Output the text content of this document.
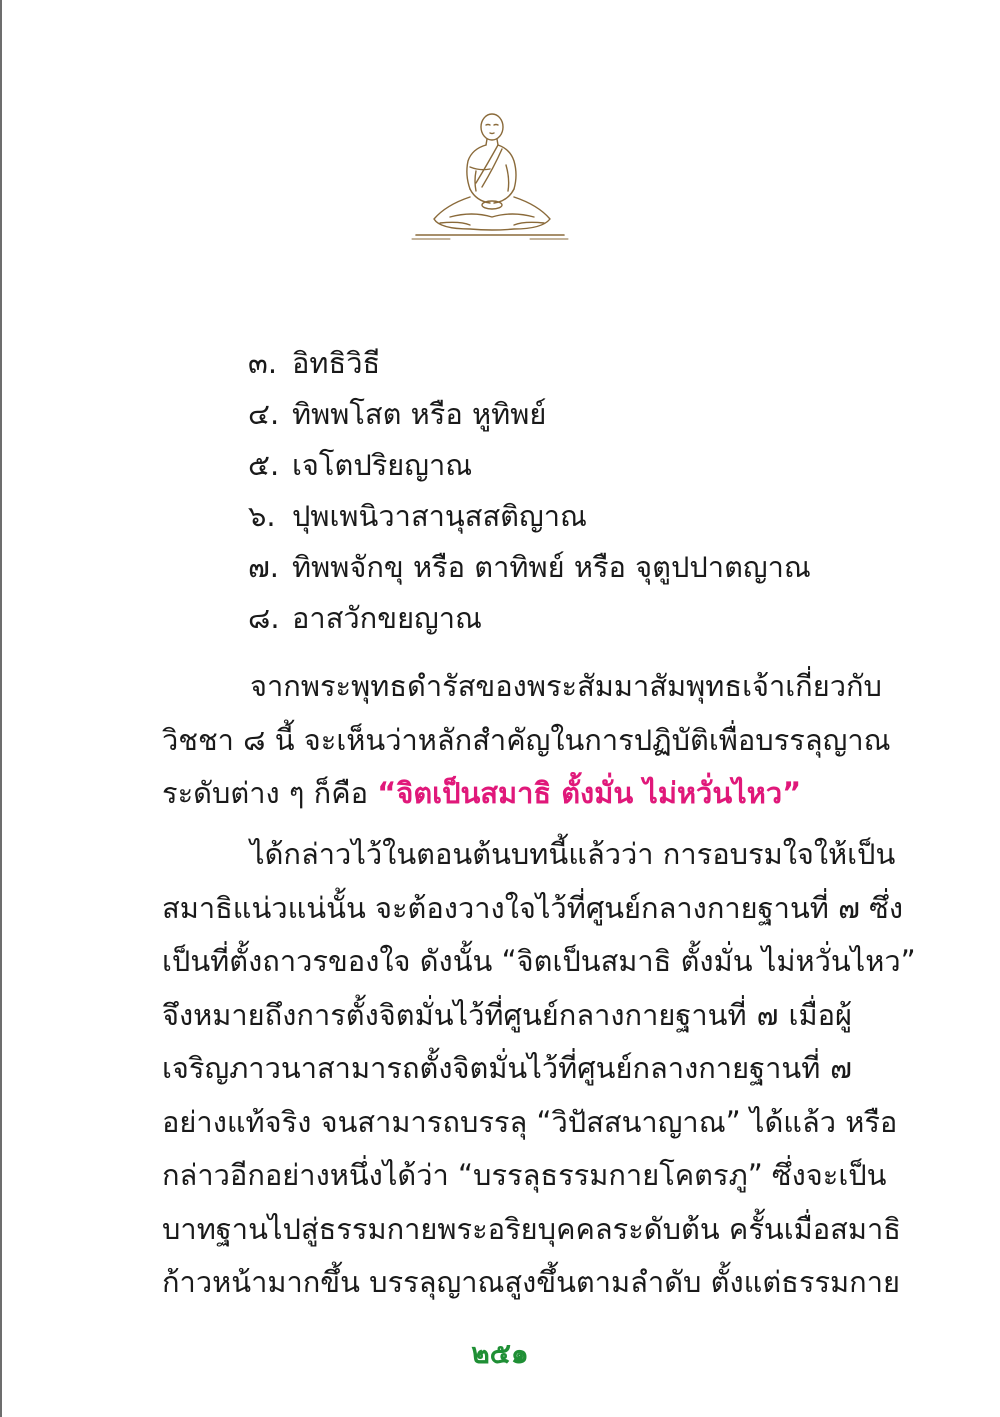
๓. อิทธิวิธี
๔. ทิพพโสต หรือ หูทิพย์
๕. เจโตปริยญาณ
๖. ปุพเพนิวาสานุสสติญาณ
๗. ทิพพจักขุ หรือ ตาทิพย์ หรือ จุตูปปาตญาณ
๘. อาสวักขยญาณ
จากพระพุทธดำรัสของพระสัมมาสัมพุทธเจ้าเกี่ยวกับ
วิชชา ๘ นี้ จะเห็นว่าหลักสำคัญในการปฏิบัติเพื่อบรรลุญาณ
ระดับต่าง ๆ ก็คือ “จิตเป็นสมาธิ ตั้งมั่น ไม่หวั่นไหว”
ได้กล่าวไว้ในตอนต้นบทนี้แล้วว่า การอบรมใจให้เป็น
สมาธิแน่วแน่นั้น จะต้องวางใจไว้ที่ศูนย์กลางกายฐานที่ ๗ ซึ่ง
เป็นที่ตั้งถาวรของใจ ดังนั้น “จิตเป็นสมาธิ ตั้งมั่น ไม่หวั่นไหว”
จึงหมายถึงการตั้งจิตมั่นไว้ที่ศูนย์กลางกายฐานที่ ๗ เมื่อผู้
เจริญภาวนาสามารถตั้งจิตมั่นไว้ที่ศูนย์กลางกายฐานที่ ๗
อย่างแท้จริง จนสามารถบรรลุ “วิปัสสนาญาณ” ได้แล้ว หรือ
กล่าวอีกอย่างหนึ่งได้ว่า “บรรลุธรรมกายโคตรภู” ซึ่งจะเป็น
บาทฐานไปสู่ธรรมกายพระอริยบุคคลระดับต้น ครั้นเมื่อสมาธิ
ก้าวหน้ามากขึ้น บรรลุญาณสูงขึ้นตามลำดับ ตั้งแต่ธรรมกาย
๒๕๑
